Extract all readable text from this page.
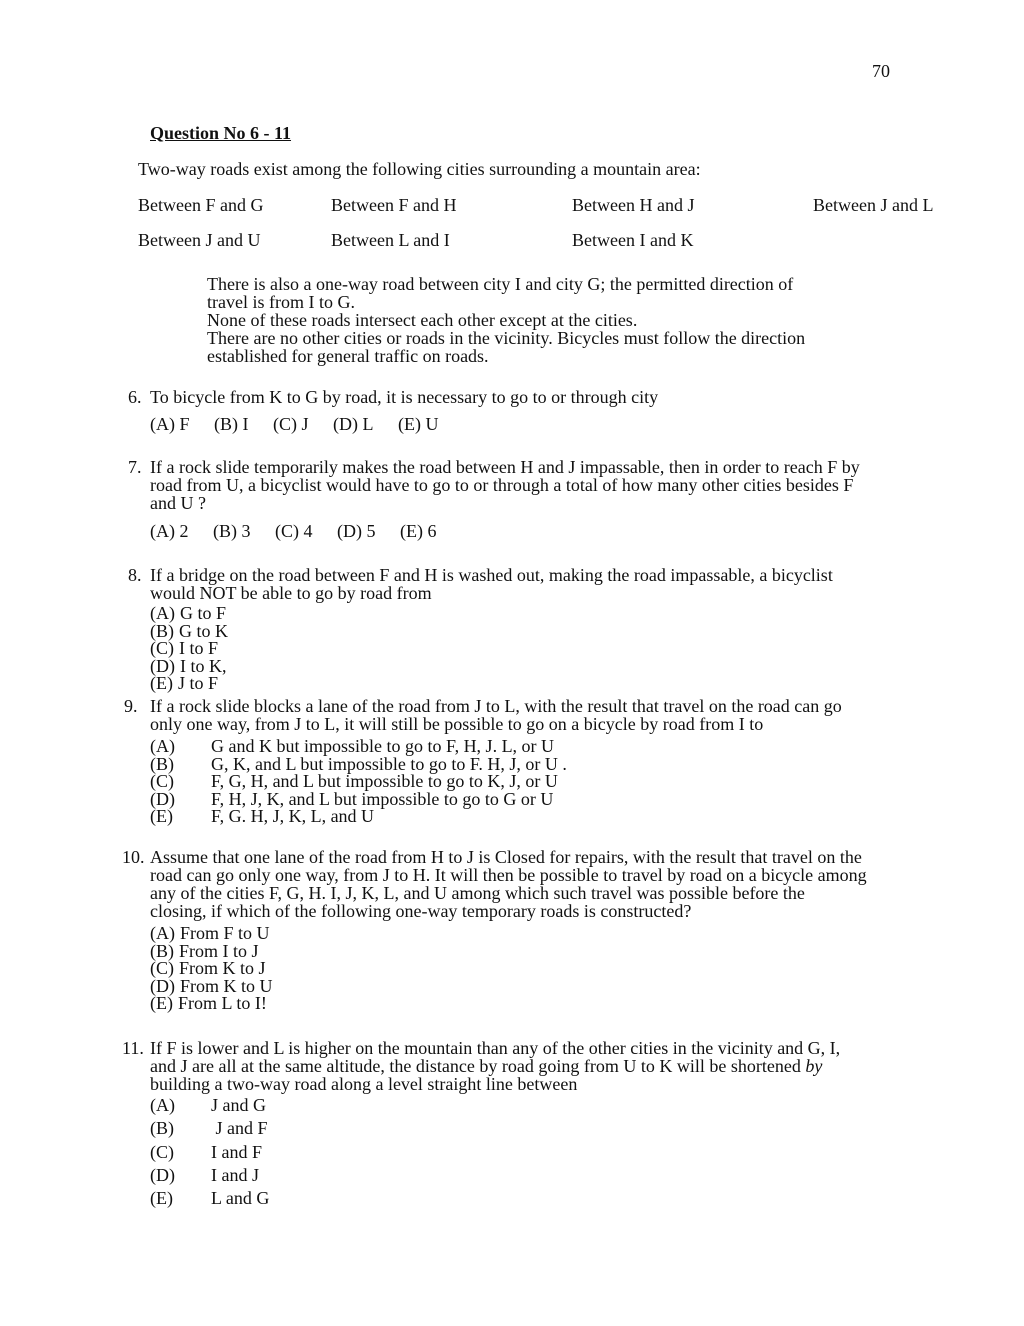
70
Question No 6 - 11
Two-way roads exist among the following cities surrounding a mountain area:
Between F and G	Between F and H	Between H and J	Between J and L
Between J and U	Between L and I	Between I and K
There is also a one-way road between city I and city G; the permitted direction of
travel is from I to G.
None of these roads intersect each other except at the cities.
There are no other cities or roads in the vicinity. Bicycles must follow the direction
established for general traffic on roads.
6. To bicycle from K to G by road, it is necessary to go to or through city
(A) F (B) I (C) J (D) L (E) U
7. If a rock slide temporarily makes the road between H and J impassable, then in order to reach F by
road from U, a bicyclist would have to go to or through a total of how many other cities besides F
and U ?
(A) 2 (B) 3 (C) 4 (D) 5 (E) 6
8. If a bridge on the road between F and H is washed out, making the road impassable, a bicyclist
would NOT be able to go by road from
(A) G to F
(B) G to K
(C) I to F
(D) I to K,
(E) J to F
9. If a rock slide blocks a lane of the road from J to L, with the result that travel on the road can go
only one way, from J to L, it will still be possible to go on a bicycle by road from I to
(A) G and K but impossible to go to F, H, J. L, or U
(B) G, K, and L but impossible to go to F. H, J, or U .
(C) F, G, H, and L but impossible to go to K, J, or U
(D) F, H, J, K, and L but impossible to go to G or U
(E) F, G. H, J, K, L, and U
10. Assume that one lane of the road from H to J is Closed for repairs, with the result that travel on the
road can go only one way, from J to H. It will then be possible to travel by road on a bicycle among
any of the cities F, G, H. I, J, K, L, and U among which such travel was possible before the
closing, if which of the following one-way temporary roads is constructed?
(A) From F to U
(B) From I to J
(C) From K to J
(D) From K to U
(E) From L to I!
11. If F is lower and L is higher on the mountain than any of the other cities in the vicinity and G, I,
and J are all at the same altitude, the distance by road going from U to K will be shortened by
building a two-way road along a level straight line between
(A) J and G
(B) J and F
(C) I and F
(D) I and J
(E) L and G
